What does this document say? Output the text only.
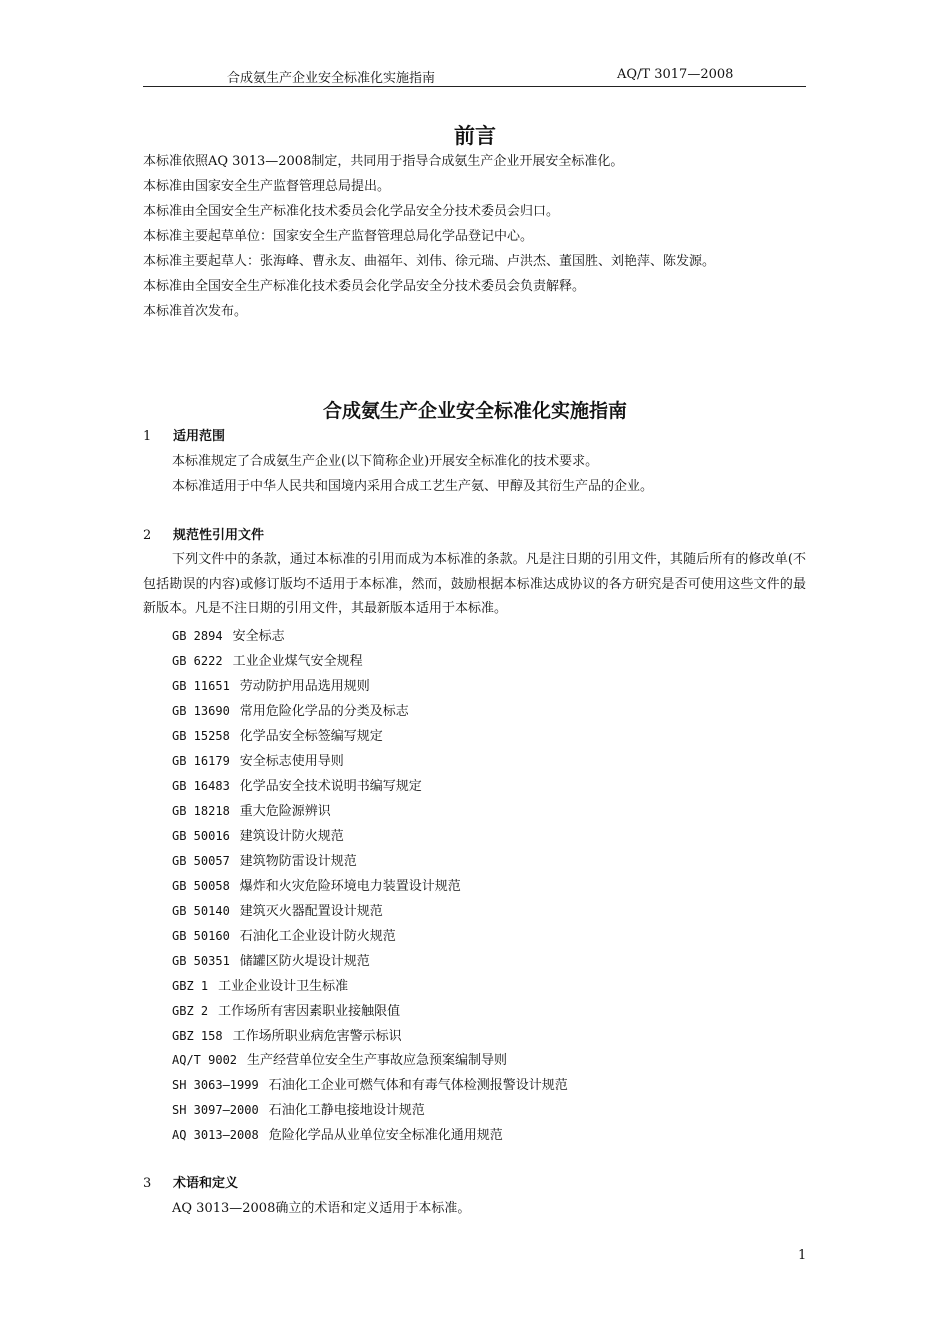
合成氨生产企业安全标准化实施指南	AQ/T 3017—2008
前言
本标准依照AQ 3013—2008制定，共同用于指导合成氨生产企业开展安全标准化。
本标准由国家安全生产监督管理总局提出。
本标准由全国安全生产标准化技术委员会化学品安全分技术委员会归口。
本标准主要起草单位：国家安全生产监督管理总局化学品登记中心。
本标准主要起草人：张海峰、曹永友、曲福年、刘伟、徐元瑞、卢洪杰、董国胜、刘艳萍、陈发源。
本标准由全国安全生产标准化技术委员会化学品安全分技术委员会负责解释。
本标准首次发布。
合成氨生产企业安全标准化实施指南
1 适用范围
本标准规定了合成氨生产企业(以下简称企业)开展安全标准化的技术要求。
本标准适用于中华人民共和国境内采用合成工艺生产氨、甲醇及其衍生产品的企业。
2 规范性引用文件
下列文件中的条款，通过本标准的引用而成为本标准的条款。凡是注日期的引用文件，其随后所有的修改单(不包括勘误的内容)或修订版均不适用于本标准，然而，鼓励根据本标准达成协议的各方研究是否可使用这些文件的最新版本。凡是不注日期的引用文件，其最新版本适用于本标准。
GB 2894 安全标志
GB 6222 工业企业煤气安全规程
GB 11651 劳动防护用品选用规则
GB 13690 常用危险化学品的分类及标志
GB 15258 化学品安全标签编写规定
GB 16179 安全标志使用导则
GB 16483 化学品安全技术说明书编写规定
GB 18218 重大危险源辨识
GB 50016 建筑设计防火规范
GB 50057 建筑物防雷设计规范
GB 50058 爆炸和火灾危险环境电力装置设计规范
GB 50140 建筑灭火器配置设计规范
GB 50160 石油化工企业设计防火规范
GB 50351 储罐区防火堤设计规范
GBZ 1 工业企业设计卫生标准
GBZ 2 工作场所有害因素职业接触限值
GBZ 158 工作场所职业病危害警示标识
AQ/T 9002 生产经营单位安全生产事故应急预案编制导则
SH 3063—1999 石油化工企业可燃气体和有毒气体检测报警设计规范
SH 3097—2000 石油化工静电接地设计规范
AQ 3013—2008 危险化学品从业单位安全标准化通用规范
3 术语和定义
AQ 3013—2008确立的术语和定义适用于本标准。
1
